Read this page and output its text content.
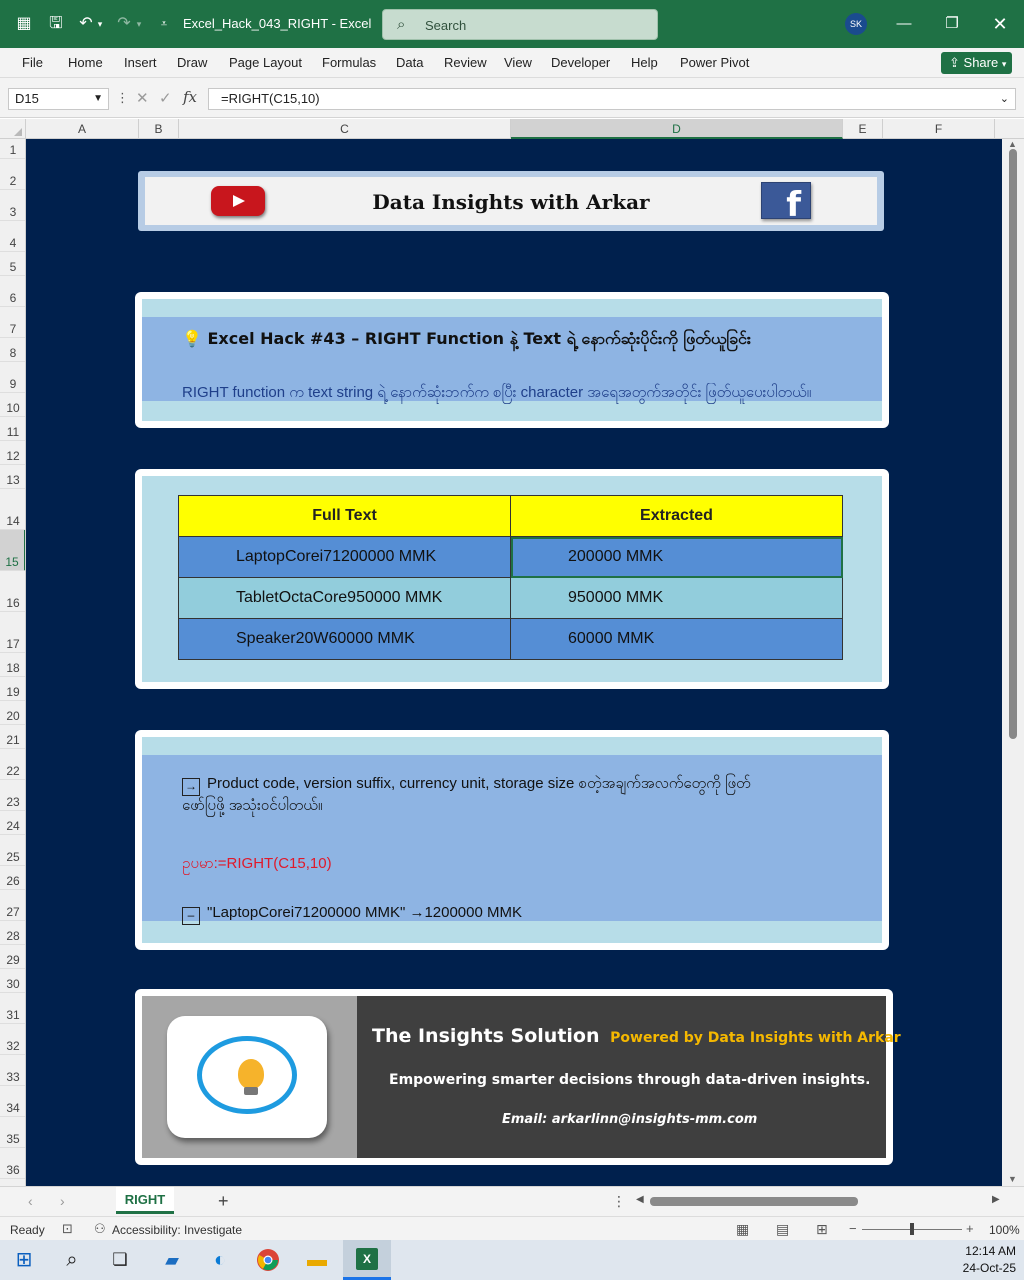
▦ 🖫 ↶ ▾ ↷ ▾	⩡	Excel_Hack_043_RIGHT - Excel ⌕ Search	SK	—	❐ ✕
File Home Insert Draw Page Layout Formulas Data Review View Developer Help Power Pivot	⇪ Share ▾
D15	▼ ⋮ ✕ ✓ fx	=RIGHT(C15,10)	⌄
A	B	C	D	E	F
1
2
3
4
5
6
7
8
9
10
11
12
13
14
15
16
17
18
19
20
21
22
23
24
25
26
27
28
29
30
31
32
33
34
35
36
Data Insights with Arkar	f
💡 Excel Hack #43 – RIGHT Function နဲ့ Text ရဲ့ နောက်ဆုံးပိုင်းကို ဖြတ်ယူခြင်း
RIGHT function က text string ရဲ့ နောက်ဆုံးဘက်က စပြီး character အရေအတွက်အတိုင်း ဖြတ်ယူပေးပါတယ်။
Full Text	Extracted
LaptopCorei71200000 MMK	200000 MMK
TabletOctaCore950000 MMK	950000 MMK
Speaker20W60000 MMK	60000 MMK
→ Product code, version suffix, currency unit, storage size စတဲ့အချက်အလက်တွေကို ဖြတ်ဖော်ပြဖို့ အသုံးဝင်ပါတယ်။
ဥပမာ:=RIGHT(C15,10)
– "LaptopCorei71200000 MMK" →1200000 MMK
The Insights Solution Powered by Data Insights with Arkar
Empowering smarter decisions through data-driven insights.
Email: arkarlinn@insights-mm.com
▲
▼
‹ ›	RIGHT	+	⋮ ◀	▶
Ready ⊡ ⚇ Accessibility: Investigate	▦ ▤ ⊞ −	+ 100%
⊞	⌕	❏	▰	◐	▬	X
12:14 AM
24-Oct-25
